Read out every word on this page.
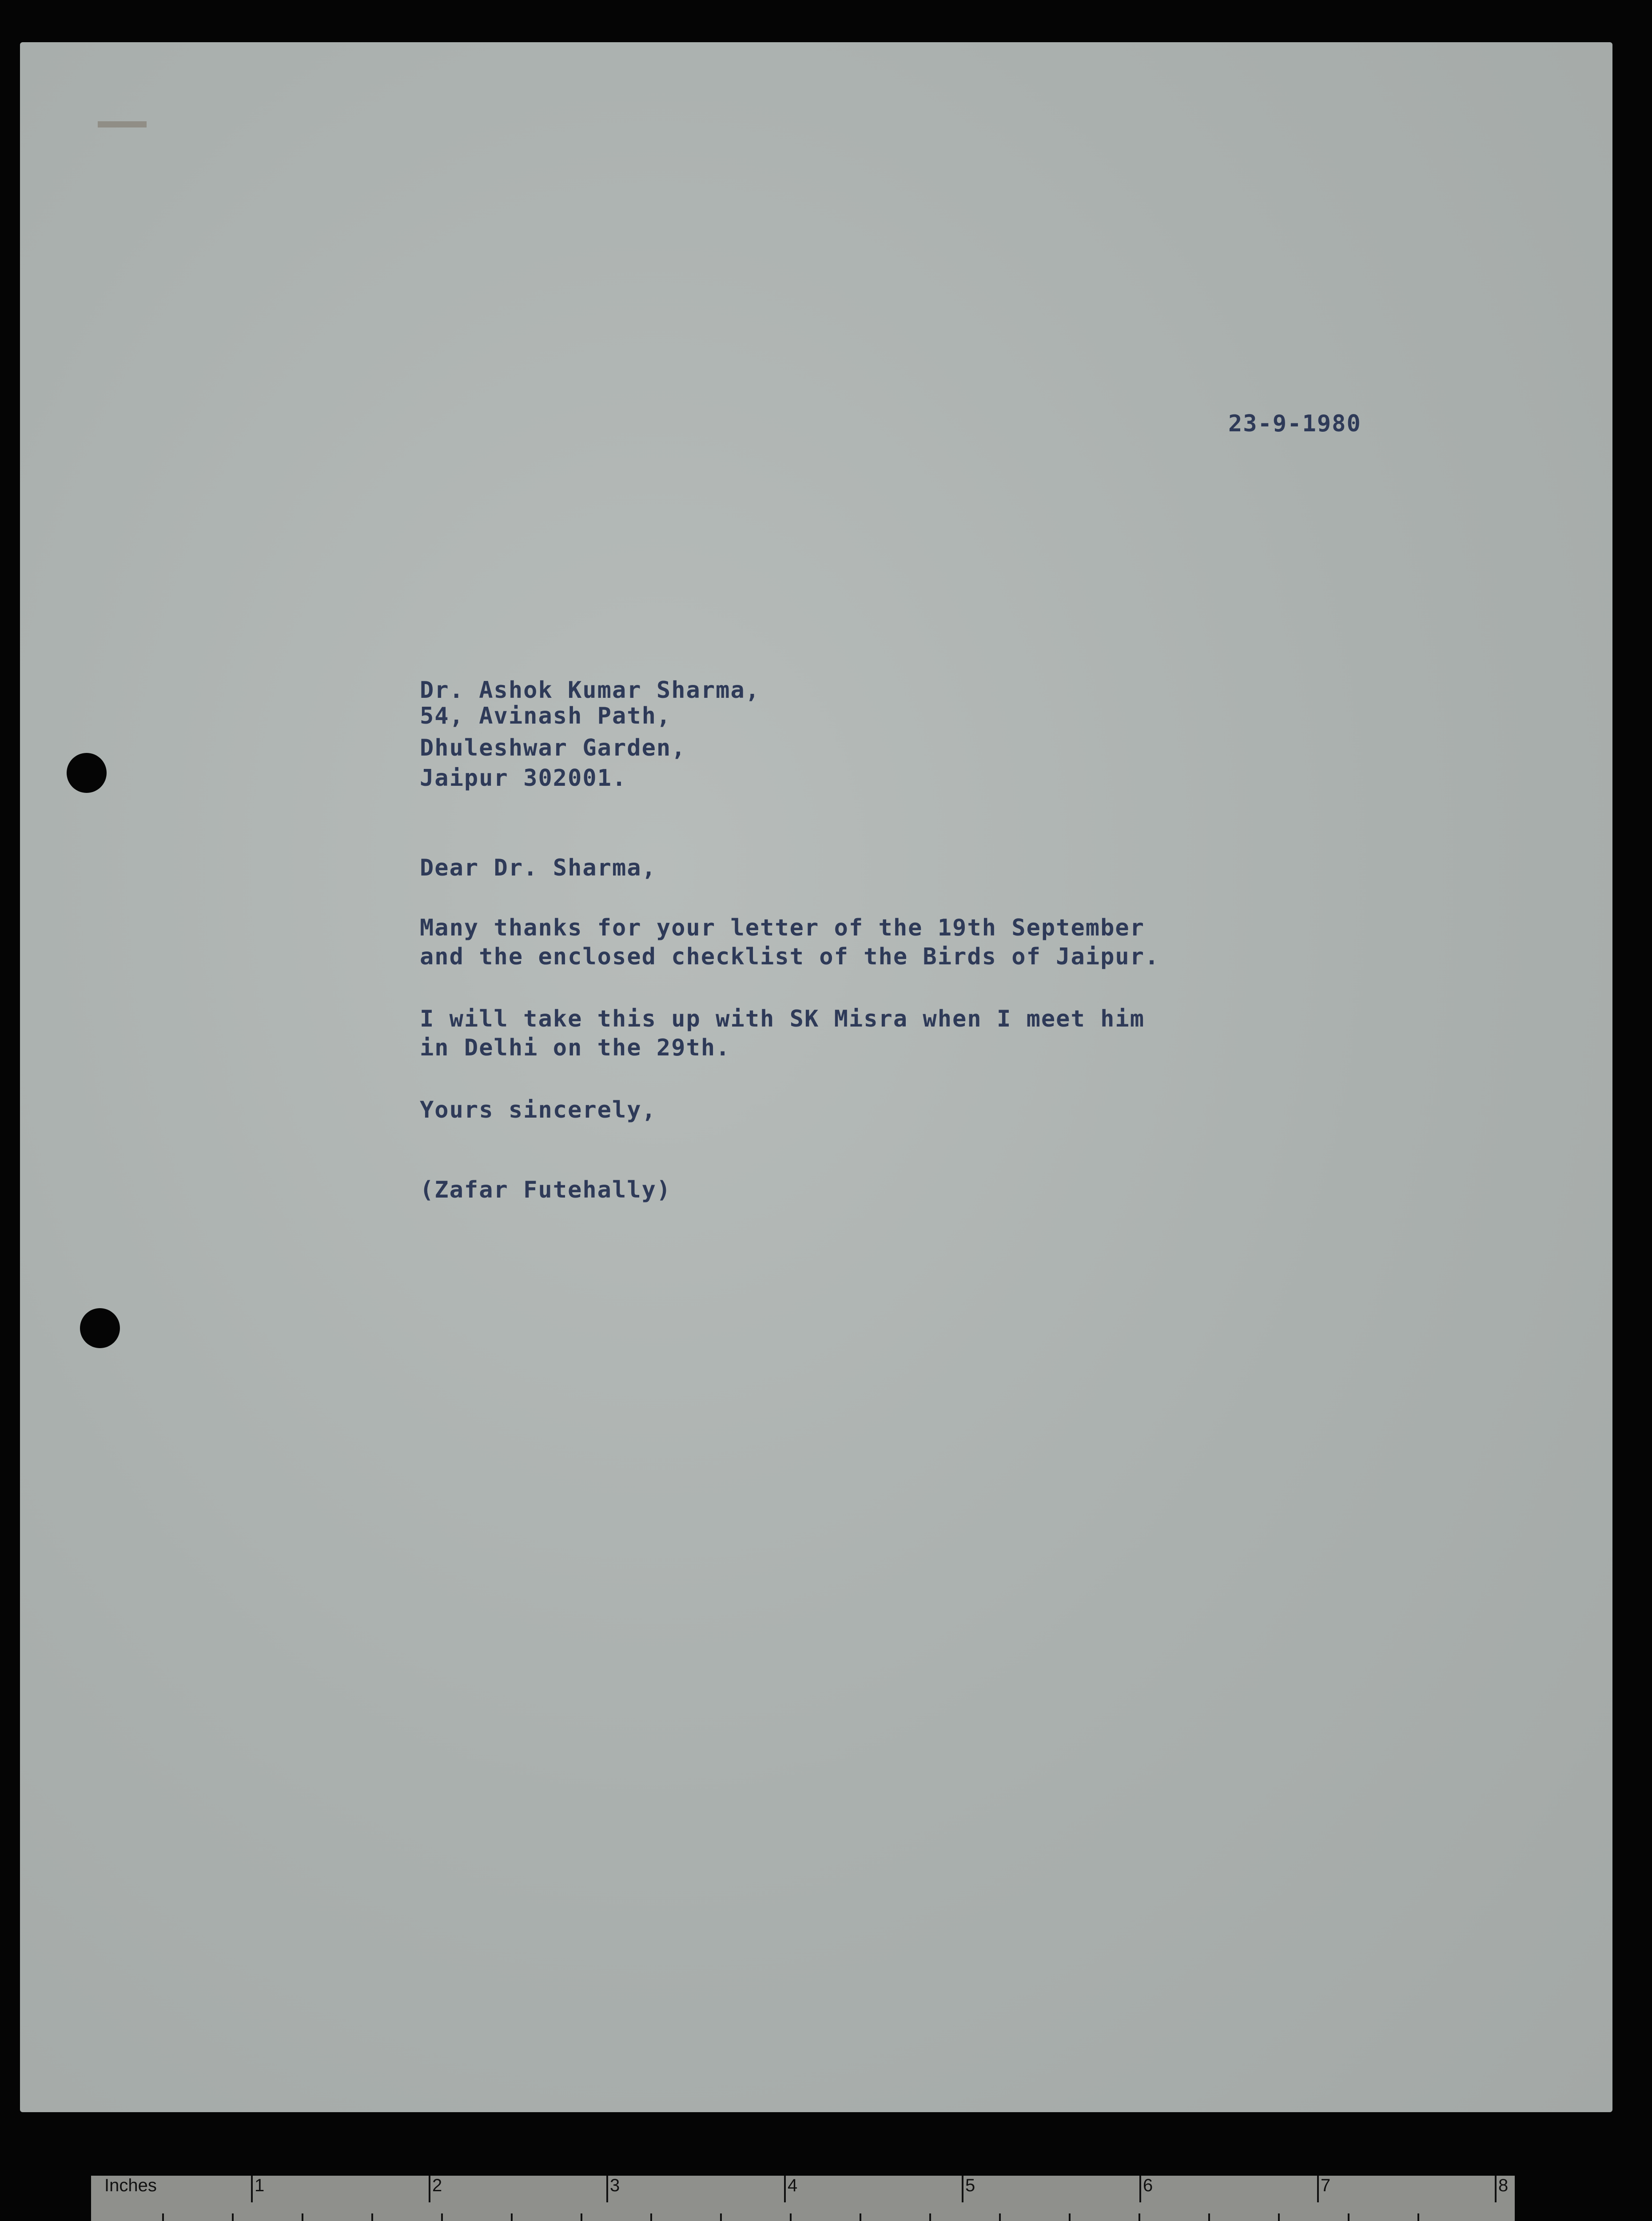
23-9-1980
Dr. Ashok Kumar Sharma,
54, Avinash Path,
Dhuleshwar Garden,
Jaipur 302001.
Dear Dr. Sharma,
Many thanks for your letter of the 19th September
and the enclosed checklist of the Birds of Jaipur.
I will take this up with SK Misra when I meet him
in Delhi on the 29th.
Yours sincerely,
(Zafar Futehally)
Inches	1	2	3	4	5	6	7	8
